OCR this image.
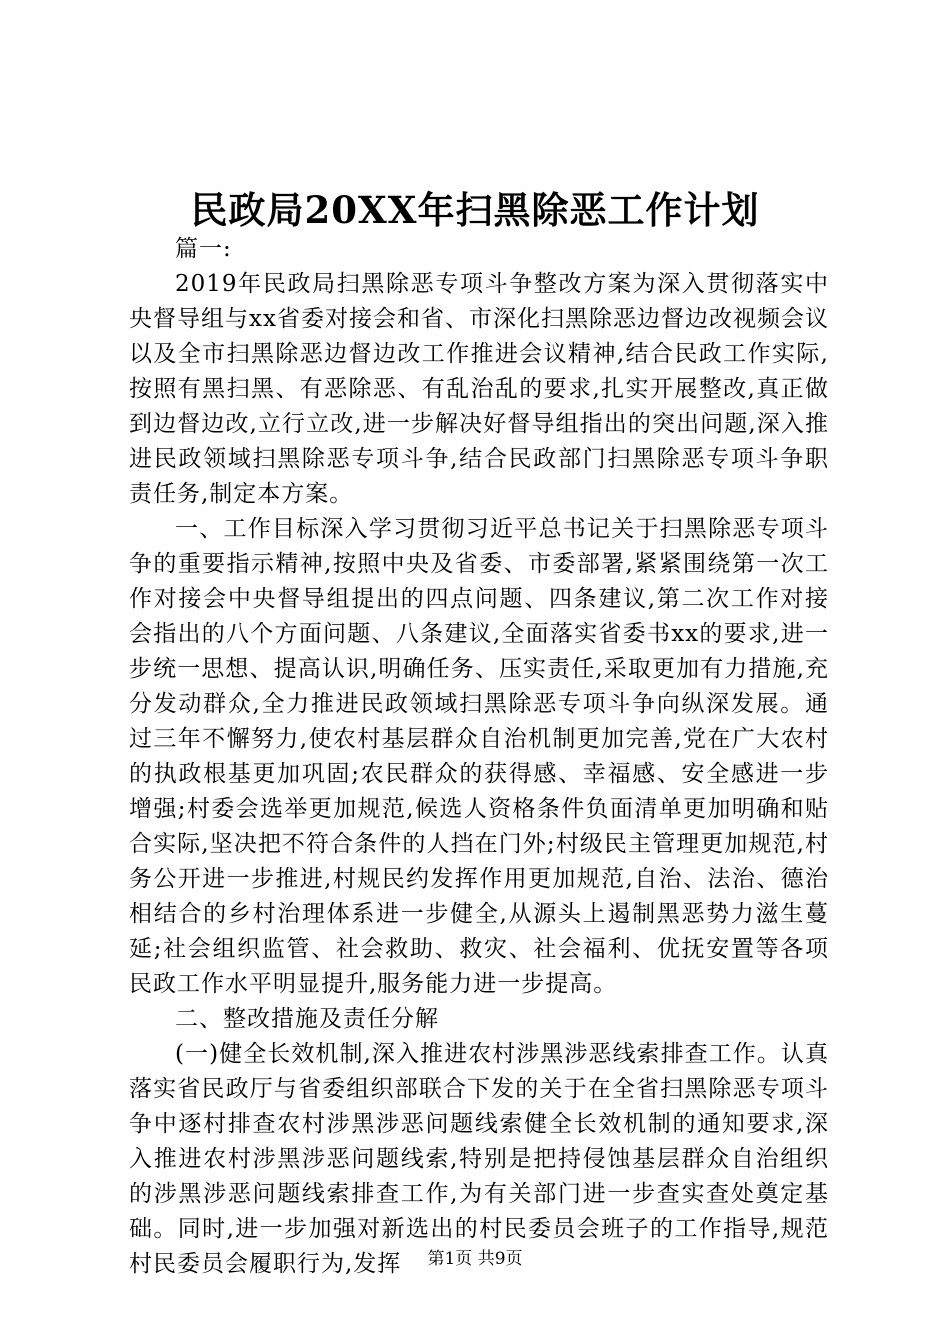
民政局20XX年扫黑除恶工作计划

篇一:

2019年民政局扫黑除恶专项斗争整改方案为深入贯彻落实中央督导组与xx省委对接会和省、市深化扫黑除恶边督边改视频会议以及全市扫黑除恶边督边改工作推进会议精神,结合民政工作实际,按照有黑扫黑、有恶除恶、有乱治乱的要求,扎实开展整改,真正做到边督边改,立行立改,进一步解决好督导组指出的突出问题,深入推进民政领域扫黑除恶专项斗争,结合民政部门扫黑除恶专项斗争职责任务,制定本方案。

一、工作目标深入学习贯彻习近平总书记关于扫黑除恶专项斗争的重要指示精神,按照中央及省委、市委部署,紧紧围绕第一次工作对接会中央督导组提出的四点问题、四条建议,第二次工作对接会指出的八个方面问题、八条建议,全面落实省委书xx的要求,进一步统一思想、提高认识,明确任务、压实责任,采取更加有力措施,充分发动群众,全力推进民政领域扫黑除恶专项斗争向纵深发展。通过三年不懈努力,使农村基层群众自治机制更加完善,党在广大农村的执政根基更加巩固;农民群众的获得感、幸福感、安全感进一步增强;村委会选举更加规范,候选人资格条件负面清单更加明确和贴合实际,坚决把不符合条件的人挡在门外;村级民主管理更加规范,村务公开进一步推进,村规民约发挥作用更加规范,自治、法治、德治相结合的乡村治理体系进一步健全,从源头上遏制黑恶势力滋生蔓延;社会组织监管、社会救助、救灾、社会福利、优抚安置等各项民政工作水平明显提升,服务能力进一步提高。

二、整改措施及责任分解

(一)健全长效机制,深入推进农村涉黑涉恶线索排查工作。认真落实省民政厅与省委组织部联合下发的关于在全省扫黑除恶专项斗争中逐村排查农村涉黑涉恶问题线索健全长效机制的通知要求,深入推进农村涉黑涉恶问题线索,特别是把持侵蚀基层群众自治组织的涉黑涉恶问题线索排查工作,为有关部门进一步查实查处奠定基础。同时,进一步加强对新选出的村民委员会班子的工作指导,规范村民委员会履职行为,发挥	第1页 共9页
